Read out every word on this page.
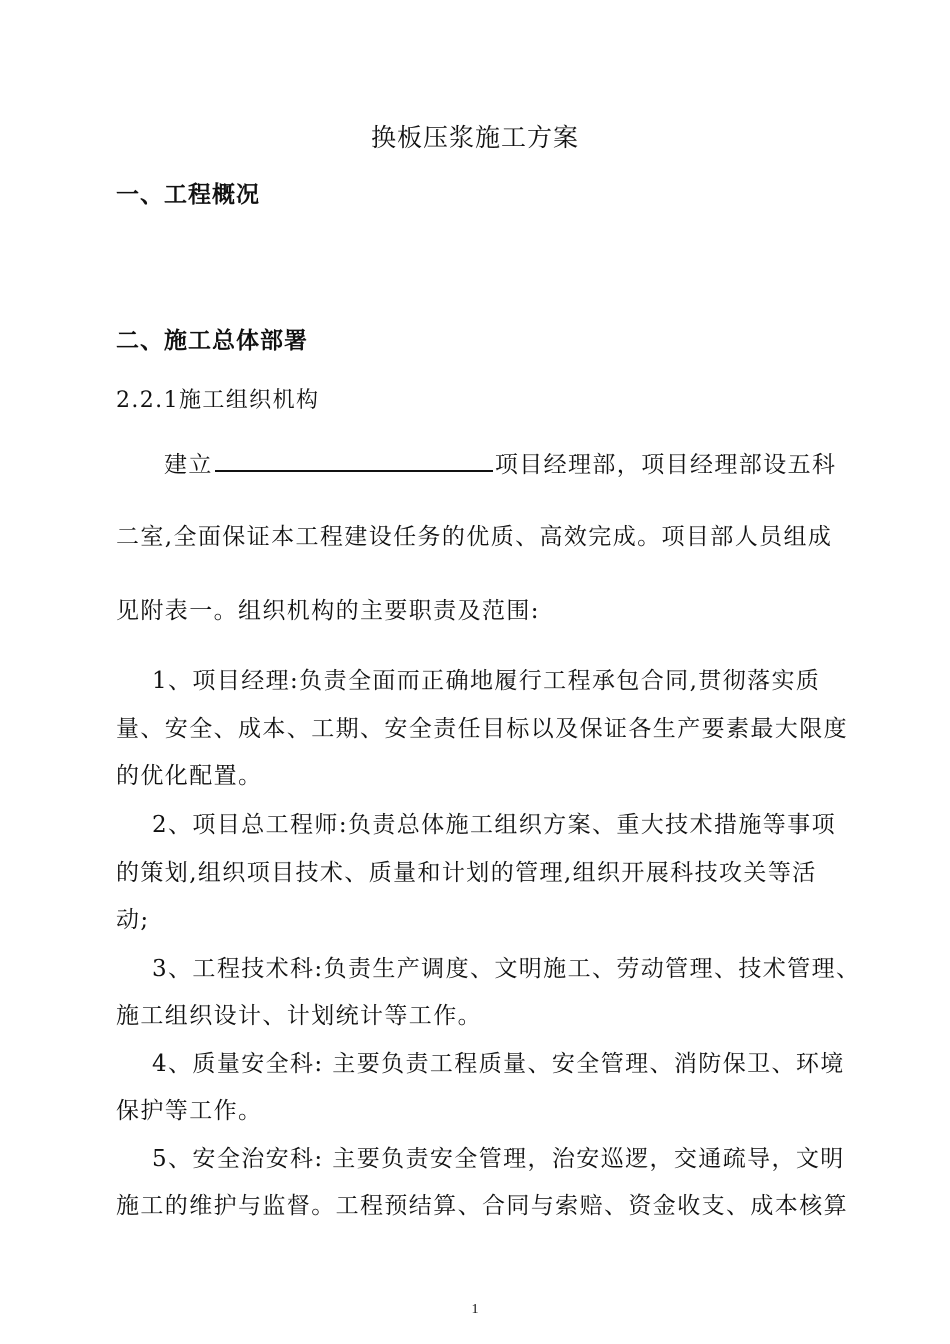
换板压浆施工方案
一、工程概况
二、施工总体部署
2.2.1施工组织机构
建立	项目经理部，项目经理部设五科
二室,全面保证本工程建设任务的优质、高效完成。项目部人员组成
见附表一。组织机构的主要职责及范围:
1、项目经理:负责全面而正确地履行工程承包合同,贯彻落实质
量、安全、成本、工期、安全责任目标以及保证各生产要素最大限度
的优化配置。
2、项目总工程师:负责总体施工组织方案、重大技术措施等事项
的策划,组织项目技术、质量和计划的管理,组织开展科技攻关等活
动;
3、工程技术科:负责生产调度、文明施工、劳动管理、技术管理、
施工组织设计、计划统计等工作。
4、质量安全科: 主要负责工程质量、安全管理、消防保卫、环境
保护等工作。
5、安全治安科: 主要负责安全管理，治安巡逻，交通疏导，文明
施工的维护与监督。工程预结算、合同与索赔、资金收支、成本核算
1
